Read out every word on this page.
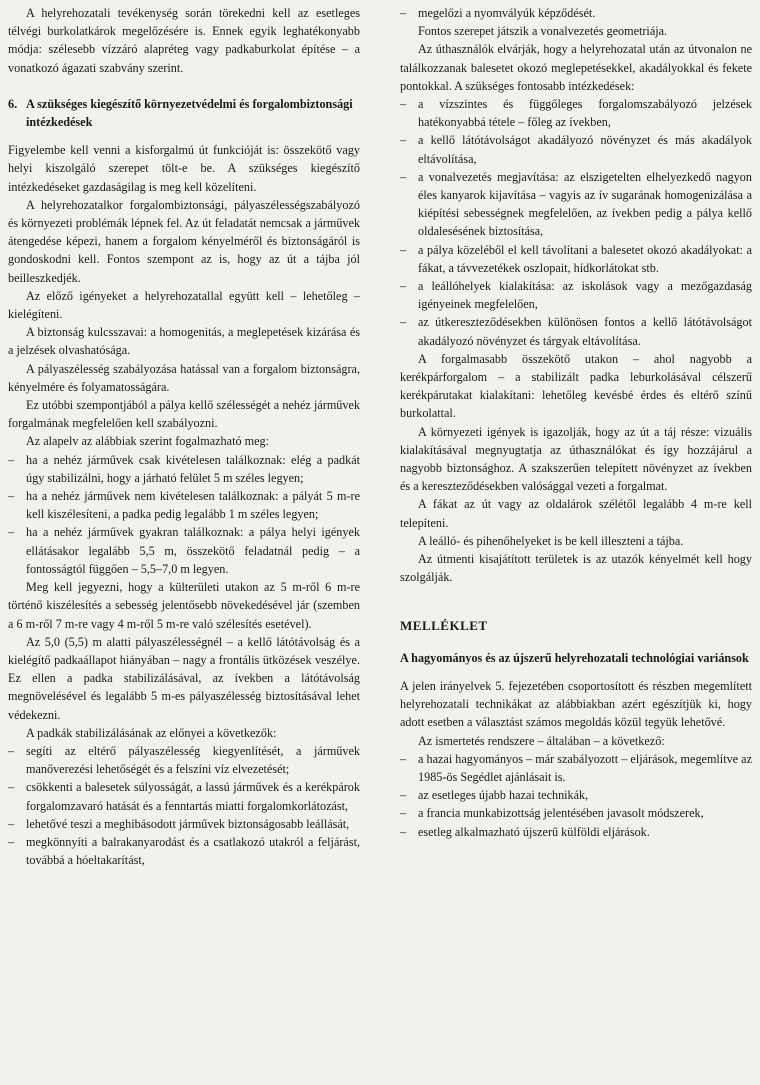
A helyrehozatali tevékenység során törekedni kell az esetleges télvégi burkolatkárok megelőzésére is. Ennek egyik leghatékonyabb módja: szélesebb vízzáró alapréteg vagy padkaburkolat építése – a vonatkozó ágazati szabvány szerint.

6. A szükséges kiegészítő környezetvédelmi és forgalombiztonsági intézkedések

Figyelembe kell venni a kisforgalmú út funkcióját is: összekötő vagy helyi kiszolgáló szerepet tölt-e be. A szükséges kiegészítő intézkedéseket gazdaságilag is meg kell közelíteni.

A helyrehozatalkor forgalombiztonsági, pályaszélességszabályozó és környezeti problémák lépnek fel. Az út feladatát nemcsak a járművek átengedése képezi, hanem a forgalom kényelméről és biztonságáról is gondoskodni kell. Fontos szempont az is, hogy az út a tájba jól beilleszkedjék.

Az előző igényeket a helyrehozatallal együtt kell – lehetőleg – kielégíteni.

A biztonság kulcsszavai: a homogenitás, a meglepetések kizárása és a jelzések olvashatósága.

A pályaszélesség szabályozása hatással van a forgalom biztonságra, kényelmére és folyamatosságára.

Ez utóbbi szempontjából a pálya kellő szélességét a nehéz járművek forgalmának megfelelően kell szabályozni.

Az alapelv az alábbiak szerint fogalmazható meg:

– ha a nehéz járművek csak kivételesen találkoznak: elég a padkát úgy stabilizálni, hogy a járható felület 5 m széles legyen;
– ha a nehéz járművek nem kivételesen találkoznak: a pályát 5 m-re kell kiszélesíteni, a padka pedig legalább 1 m széles legyen;
– ha a nehéz járművek gyakran találkoznak: a pálya helyi igények ellátásakor legalább 5,5 m, összekötő feladatnál pedig – a fontosságtól függően – 5,5–7,0 m legyen.

Meg kell jegyezni, hogy a külterületi utakon az 5 m-ről 6 m-re történő kiszélesítés a sebesség jelentősebb növekedésével jár (szemben a 6 m-ről 7 m-re vagy 4 m-ről 5 m-re való szélesítés esetével).

Az 5,0 (5,5) m alatti pályaszélességnél – a kellő látótávolság és a kielégítő padkaállapot hiányában – nagy a frontális ütközések veszélye. Ez ellen a padka stabilizálásával, az ívekben a látótávolság megnövelésével és legalább 5 m-es pályaszélesség biztosításával lehet védekezni.

A padkák stabilizálásának az előnyei a következők:

– segíti az eltérő pályaszélesség kiegyenlítését, a járművek manőverezési lehetőségét és a felszíni víz elvezetését;
– csökkenti a balesetek súlyosságát, a lassú járművek és a kerékpárok forgalomzavaró hatását és a fenntartás miatti forgalomkorlátozást,
– lehetővé teszi a meghibásodott járművek biztonságosabb leállását,
– megkönnyíti a balrakanyarodást és a csatlakozó utakról a feljárást, továbbá a hóeltakarítást,
– megelőzi a nyomvályúk képződését.

Fontos szerepet játszik a vonalvezetés geometriája.

Az úthasználók elvárják, hogy a helyrehozatal után az útvonalon ne találkozzanak balesetet okozó meglepetésekkel, akadályokkal és fekete pontokkal. A szükséges fontosabb intézkedések:

– a vízszintes és függőleges forgalomszabályozó jelzések hatékonyabbá tétele – főleg az ívekben,
– a kellő látótávolságot akadályozó növényzet és más akadályok eltávolítása,
– a vonalvezetés megjavítása: az elszigetelten elhelyezkedő nagyon éles kanyarok kijavítása – vagyis az ív sugarának homogenizálása a kiépítési sebességnek megfelelően, az ívekben pedig a pálya kellő oldalesésének biztosítása,
– a pálya közeléből el kell távolítani a balesetet okozó akadályokat: a fákat, a távvezetékek oszlopait, hídkorlátokat stb.
– a leállóhelyek kialakítása: az iskolások vagy a mezőgazdaság igényeinek megfelelően,
– az útkereszteződésekben különösen fontos a kellő látótávolságot akadályozó növényzet és tárgyak eltávolítása.

A forgalmasabb összekötő utakon – ahol nagyobb a kerékpárforgalom – a stabilizált padka leburkolásával célszerű kerékpárutakat kialakítani: lehetőleg kevésbé érdes és eltérő színű burkolattal.

A környezeti igények is igazolják, hogy az út a táj része: vizuális kialakításával megnyugtatja az úthasználókat és így hozzájárul a nagyobb biztonsághoz. A szakszerűen telepített növényzet az ívekben és a kereszteződésekben valósággal vezeti a forgalmat.

A fákat az út vagy az oldalárok szélétől legalább 4 m-re kell telepíteni.

A leálló- és pihenőhelyeket is be kell illeszteni a tájba.

Az útmenti kisajátított területek is az utazók kényelmét kell hogy szolgálják.

MELLÉKLET
A hagyományos és az újszerű helyrehozatali technológiai variánsok

A jelen irányelvek 5. fejezetében csoportosított és részben megemlített helyrehozatali technikákat az alábbiakban azért egészítjük ki, hogy adott esetben a választást számos megoldás közül tegyük lehetővé.

Az ismertetés rendszere – általában – a következő:

– a hazai hagyományos – már szabályozott – eljárások, megemlítve az 1985-ös Segédlet ajánlásait is.
– az esetleges újabb hazai technikák,
– a francia munkabizottság jelentésében javasolt módszerek,
– esetleg alkalmazható újszerű külföldi eljárások.
